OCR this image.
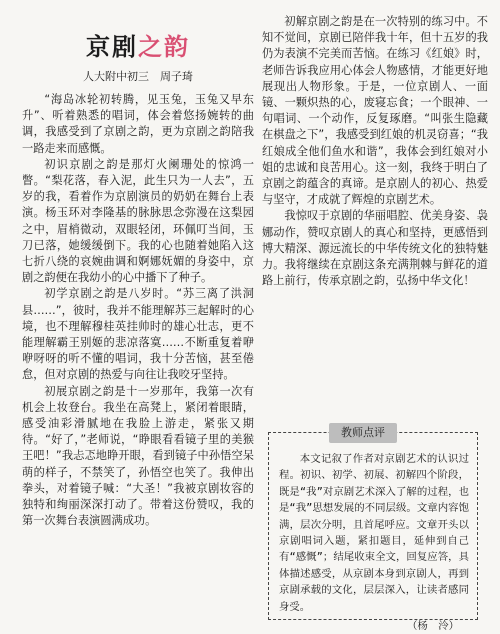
京剧之韵
人大附中初三　周子琦

“海岛冰轮初转腾，见玉兔，玉兔又早东升”、听着熟悉的唱词，体会着悠扬婉转的曲调，我感受到了京剧之韵，更为京剧之韵陪我一路走来而感慨。

初识京剧之韵是那灯火阑珊处的惊鸿一瞥。“梨花落，春入泥，此生只为一人去”，五岁的我，看着作为京剧演员的奶奶在舞台上表演。杨玉环对李隆基的脉脉思念弥漫在这梨园之中，眉梢微动，双眼轻闭，环佩叮当间，玉刀已落，她缓缓倒下。我的心也随着她陷入这七折八绕的哀婉曲调和婀娜妩媚的身姿中，京剧之韵便在我幼小的心中播下了种子。

初学京剧之韵是八岁时。“苏三离了洪洞县……”，彼时，我并不能理解苏三起解时的心境，也不理解穆桂英挂帅时的雄心壮志，更不能理解霸王别姬的悲凉落寞……不断重复着咿咿呀呀的听不懂的唱词，我十分苦恼，甚至倦怠，但对京剧的热爱与向往让我咬牙坚持。

初展京剧之韵是十一岁那年，我第一次有机会上妆登台。我坐在高凳上，紧闭着眼睛，感受油彩滑腻地在我脸上游走，紧张又期待。“好了，”老师说，“睁眼看看镜子里的美猴王吧！”我忐忑地睁开眼，看到镜子中孙悟空呆萌的样子，不禁笑了，孙悟空也笑了。我伸出拳头，对着镜子喊：“大圣！”我被京剧妆容的独特和绚丽深深打动了。带着这份赞叹，我的第一次舞台表演圆满成功。

初解京剧之韵是在一次特别的练习中。不知不觉间，京剧已陪伴我十年，但十五岁的我仍为表演不完美而苦恼。在练习《红娘》时，老师告诉我应用心体会人物感情，才能更好地展现出人物形象。于是，一位京剧人、一面镜、一颗炽热的心，废寝忘食；一个眼神、一句唱词、一个动作，反复琢磨。“叫张生隐藏在棋盘之下”，我感受到红娘的机灵窃喜；“我红娘成全他们鱼水和谐”，我体会到红娘对小姐的忠诚和良苦用心。这一刻，我终于明白了京剧之韵蕴含的真谛。是京剧人的初心、热爱与坚守，才成就了辉煌的京剧艺术。

我惊叹于京剧的华丽唱腔、优美身姿、袅娜动作，赞叹京剧人的真心和坚持，更感悟到博大精深、源远流长的中华传统文化的独特魅力。我将继续在京剧这条充满荆棘与鲜花的道路上前行，传承京剧之韵，弘扬中华文化！

教师点评

本文记叙了作者对京剧艺术的认识过程。初识、初学、初展、初解四个阶段，既是“我”对京剧艺术深入了解的过程，也是“我”思想发展的不同层级。文章内容饱满，层次分明，且首尾呼应。文章开头以京剧唱词入题，紧扣题目，延伸到自己有“感慨”；结尾收束全文，回复应答，具体描述感受，从京剧本身到京剧人，再到京剧承载的文化，层层深入，让读者感同身受。

（杨　泠）
